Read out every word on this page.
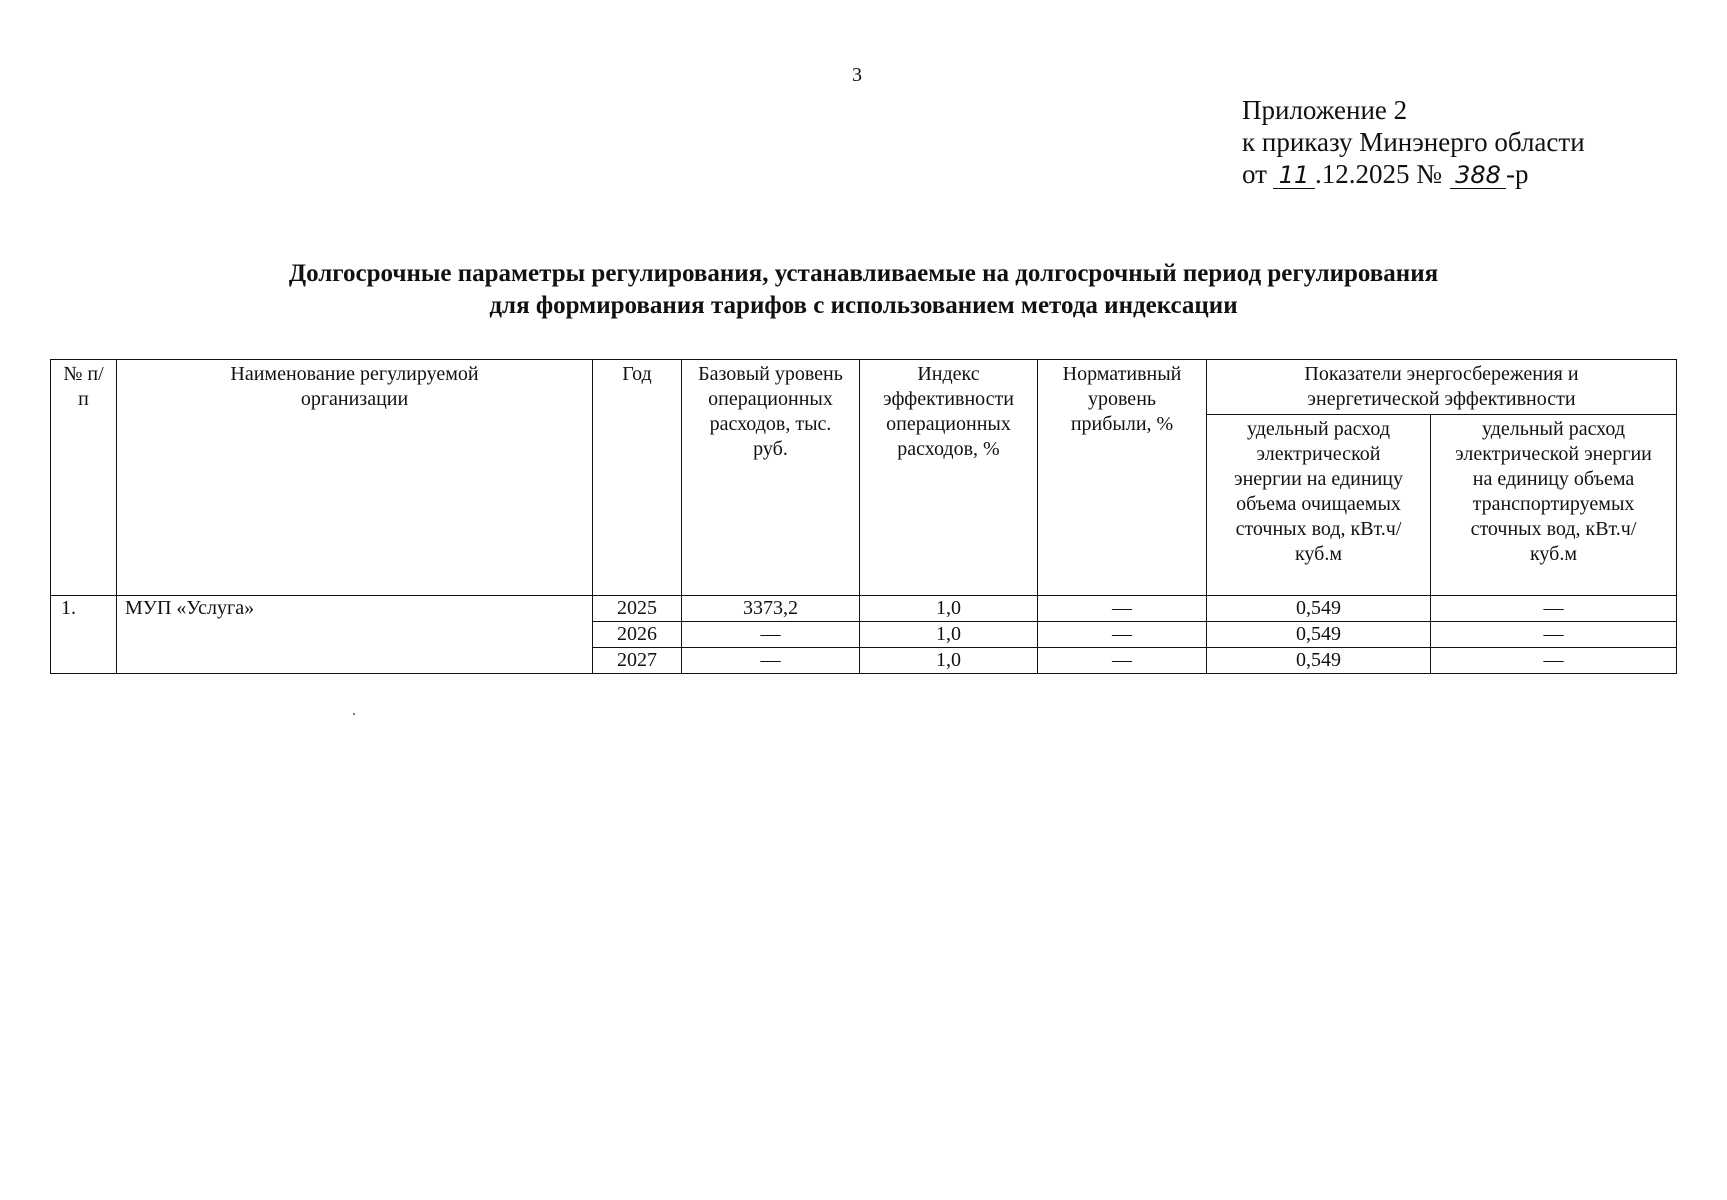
3
Приложение 2
к приказу Минэнерго области
от 11 .12.2025 № 388 -р
Долгосрочные параметры регулирования, устанавливаемые на долгосрочный период регулирования
для формирования тарифов с использованием метода индексации
№ п/п	Наименование регулируемой организации	Год	Базовый уровень операционных расходов, тыс. руб.	Индекс эффективности операционных расходов, %	Нормативный уровень прибыли, %	Показатели энергосбережения и энергетической эффективности	

						удельный расход электрической энергии на единицу объема очищаемых сточных вод, кВт.ч/куб.м	удельный расход электрической энергии на единицу объема транспортируемых сточных вод, кВт.ч/куб.м

1.	МУП «Услуга»	2025	3373,2	1,0	—	0,549	—
		2026	—	1,0	—	0,549	—
		2027	—	1,0	—	0,549	—
